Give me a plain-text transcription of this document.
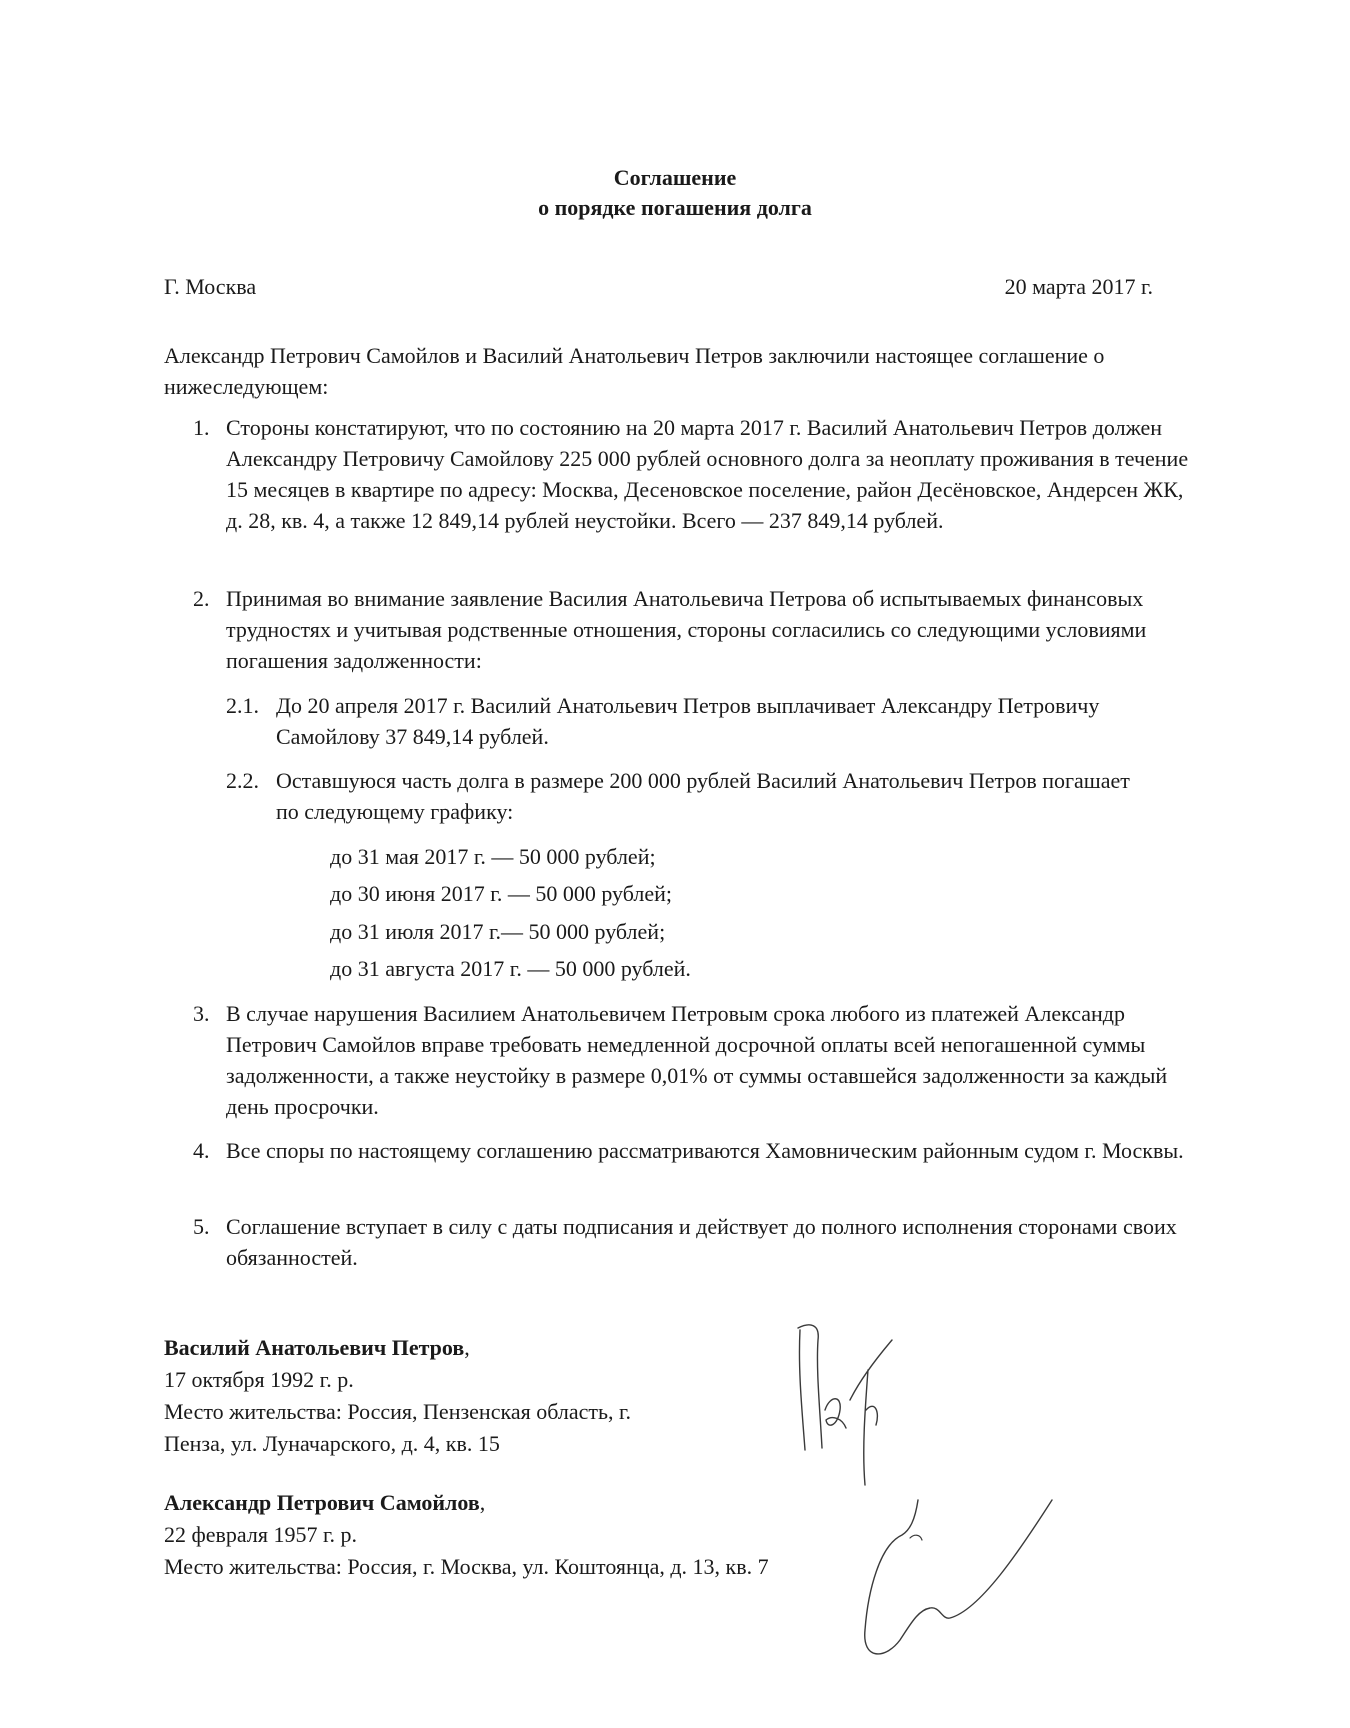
Соглашение
о порядке погашения долга
Г. Москва	20 марта 2017 г.
Александр Петрович Самойлов и Василий Анатольевич Петров заключили настоящее соглашение о нижеследующем:
1. Стороны констатируют, что по состоянию на 20 марта 2017 г. Василий Анатольевич Петров должен Александру Петровичу Самойлову 225 000 рублей основного долга за неоплату проживания в течение 15 месяцев в квартире по адресу: Москва, Десеновское поселение, район Десёновское, Андерсен ЖК, д. 28, кв. 4, а также 12 849,14 рублей неустойки. Всего — 237 849,14 рублей.
2. Принимая во внимание заявление Василия Анатольевича Петрова об испытываемых финансовых трудностях и учитывая родственные отношения, стороны согласились со следующими условиями погашения задолженности:
2.1. До 20 апреля 2017 г. Василий Анатольевич Петров выплачивает Александру Петровичу Самойлову 37 849,14 рублей.
2.2. Оставшуюся часть долга в размере 200 000 рублей Василий Анатольевич Петров погашает по следующему графику:
до 31 мая 2017 г. — 50 000 рублей;
до 30 июня 2017 г. — 50 000 рублей;
до 31 июля 2017 г.— 50 000 рублей;
до 31 августа 2017 г. — 50 000 рублей.
3. В случае нарушения Василием Анатольевичем Петровым срока любого из платежей Александр Петрович Самойлов вправе требовать немедленной досрочной оплаты всей непогашенной суммы задолженности, а также неустойку в размере 0,01% от суммы оставшейся задолженности за каждый день просрочки.
4. Все споры по настоящему соглашению рассматриваются Хамовническим районным судом г. Москвы.
5. Соглашение вступает в силу с даты подписания и действует до полного исполнения сторонами своих обязанностей.
Василий Анатольевич Петров,
17 октября 1992 г. р.
Место жительства: Россия, Пензенская область, г.
Пенза, ул. Луначарского, д. 4, кв. 15
Александр Петрович Самойлов,
22 февраля 1957 г. р.
Место жительства: Россия, г. Москва, ул. Коштоянца, д. 13, кв. 7
